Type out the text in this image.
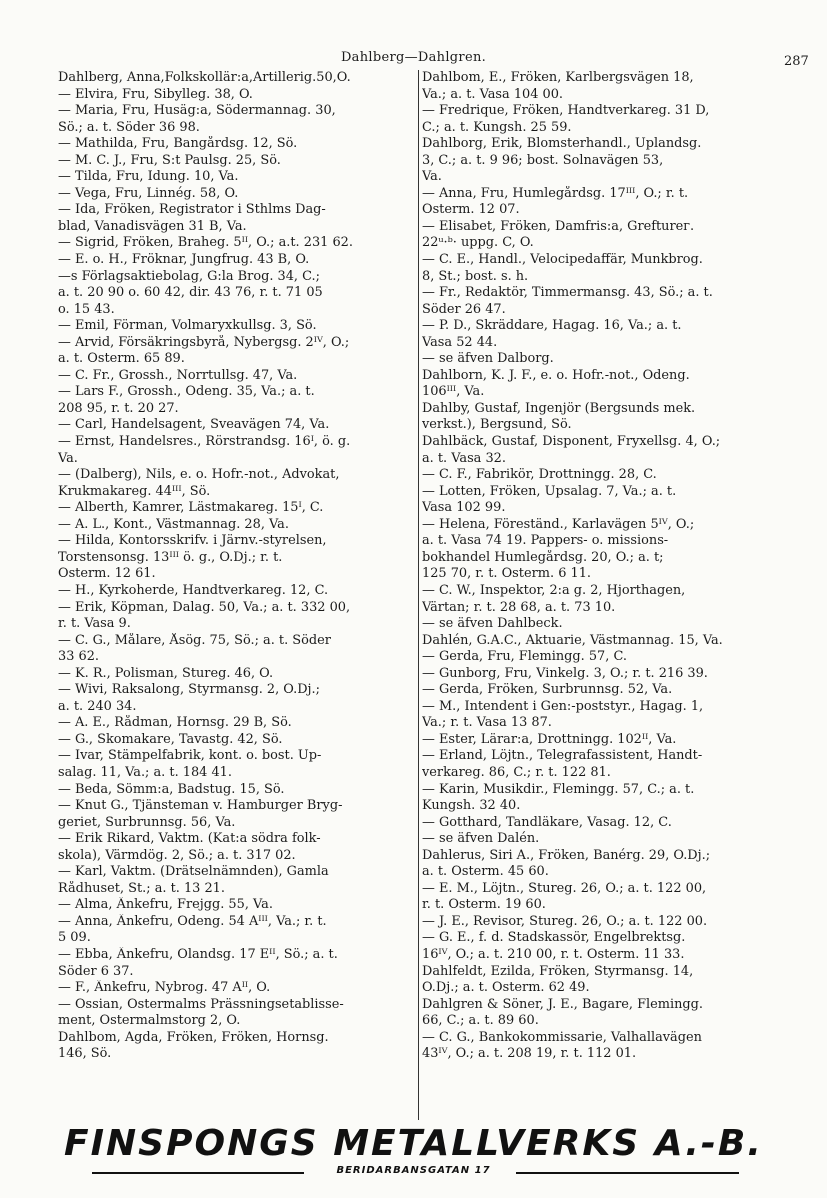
Dahlberg—Dahlgren.	287
Dahlberg, Anna,Folkskollär:a,Artillerig.50,Ö.
— Elvira, Fru, Sibylleg. 38, Ö.
— Maria, Fru, Husäg:a, Södermannag. 30,
Sö.; a. t. Söder 36 98.
— Mathilda, Fru, Bangårdsg. 12, Sö.
— M. C. J., Fru, S:t Paulsg. 25, Sö.
— Tilda, Fru, Idung. 10, Va.
— Vega, Fru, Linnég. 58, Ö.
— Ida, Fröken, Registrator i Sthlms Dag-
blad, Vanadisvägen 31 B, Va.
— Sigrid, Fröken, Braheg. 5ᴵᴵ, Ö.; a.t. 231 62.
— E. o. H., Fröknar, Jungfrug. 43 B, Ö.
—s Förlagsaktiebolag, G:la Brog. 34, C.;
a. t. 20 90 o. 60 42, dir. 43 76, r. t. 71 05
o. 15 43.
— Emil, Förman, Volmaryxkullsg. 3, Sö.
— Arvid, Försäkringsbyrå, Nybergsg. 2ᴵⱽ, Ö.;
a. t. Österm. 65 89.
— C. Fr., Grossh., Norrtullsg. 47, Va.
— Lars F., Grossh., Odeng. 35, Va.; a. t.
208 95, r. t. 20 27.
— Carl, Handelsagent, Sveavägen 74, Va.
— Ernst, Handelsres., Rörstrandsg. 16ᴵ, ö. g.
Va.
— (Dalberg), Nils, e. o. Hofr.-not., Advokat,
Krukmakareg. 44ᴵᴵᴵ, Sö.
— Alberth, Kamrer, Lästmakareg. 15ᴵ, C.
— A. L., Kont., Västmannag. 28, Va.
— Hilda, Kontorsskrifv. i Järnv.-styrelsen,
Torstensonsg. 13ᴵᴵᴵ ö. g., Ö.Dj.; r. t.
Österm. 12 61.
— H., Kyrkoherde, Handtverkareg. 12, C.
— Erik, Köpman, Dalag. 50, Va.; a. t. 332 00,
r. t. Vasa 9.
— C. G., Målare, Åsög. 75, Sö.; a. t. Söder
33 62.
— K. R., Polisman, Stureg. 46, Ö.
— Wivi, Raksalong, Styrmansg. 2, Ö.Dj.;
a. t. 240 34.
— A. E., Rådman, Hornsg. 29 B, Sö.
— G., Skomakare, Tavastg. 42, Sö.
— Ivar, Stämpelfabrik, kont. o. bost. Up-
salag. 11, Va.; a. t. 184 41.
— Beda, Sömm:a, Badstug. 15, Sö.
— Knut G., Tjänsteman v. Hamburger Bryg-
geriet, Surbrunnsg. 56, Va.
— Erik Rikard, Vaktm. (Kat:a södra folk-
skola), Värmdög. 2, Sö.; a. t. 317 02.
— Karl, Vaktm. (Drätselnämnden), Gamla
Rådhuset, St.; a. t. 13 21.
— Alma, Änkefru, Frejgg. 55, Va.
— Anna, Änkefru, Odeng. 54 Aᴵᴵᴵ, Va.; r. t.
5 09.
— Ebba, Änkefru, Ölandsg. 17 Eᴵᴵ, Sö.; a. t.
Söder 6 37.
— F., Änkefru, Nybrog. 47 Aᴵᴵ, Ö.
— Ossian, Östermalms Prässningsetablisse-
ment, Östermalmstorg 2, Ö.
Dahlbom, Agda, Fröken, Fröken, Hornsg.
146, Sö.
Dahlbom, E., Fröken, Karlbergsvägen 18,
Va.; a. t. Vasa 104 00.
— Fredrique, Fröken, Handtverkareg. 31 D,
C.; a. t. Kungsh. 25 59.
Dahlborg, Erik, Blomsterhandl., Uplandsg.
3, C.; a. t. 9 96; bost. Solnavägen 53,
Va.
— Anna, Fru, Humlegårdsg. 17ᴵᴵᴵ, Ö.; r. t.
Österm. 12 07.
— Elisabet, Fröken, Damfris:a, Grefturег.
22ᵘ·ᵇ· uppg. C, Ö.
— C. E., Handl., Velocipedaffär, Munkbrog.
8, St.; bost. s. h.
— Fr., Redaktör, Timmermansg. 43, Sö.; a. t.
Söder 26 47.
— P. D., Skräddare, Hagag. 16, Va.; a. t.
Vasa 52 44.
— se äfven Dalborg.
Dahlborn, K. J. F., e. o. Hofr.-not., Odeng.
106ᴵᴵᴵ, Va.
Dahlby, Gustaf, Ingenjör (Bergsunds mek.
verkst.), Bergsund, Sö.
Dahlbäck, Gustaf, Disponent, Fryxellsg. 4, Ö.;
a. t. Vasa 32.
— C. F., Fabrikör, Drottningg. 28, C.
— Lotten, Fröken, Upsalag. 7, Va.; a. t.
Vasa 102 99.
— Helena, Föreständ., Karlavägen 5ᴵⱽ, Ö.;
a. t. Vasa 74 19. Pappers- o. missions-
bokhandel Humlegårdsg. 20, Ö.; a. t;
125 70, r. t. Österm. 6 11.
— C. W., Inspektor, 2:a g. 2, Hjorthagen,
Värtan; r. t. 28 68, a. t. 73 10.
— se äfven Dahlbeck.
Dahlén, G.A.C., Aktuarie, Västmannag. 15, Va.
— Gerda, Fru, Flemingg. 57, C.
— Gunborg, Fru, Vinkelg. 3, Ö.; r. t. 216 39.
— Gerda, Fröken, Surbrunnsg. 52, Va.
— M., Intendent i Gen:-poststyr., Hagag. 1,
Va.; r. t. Vasa 13 87.
— Ester, Lärar:a, Drottningg. 102ᴵᴵ, Va.
— Erland, Löjtn., Telegrafassistent, Handt-
verkareg. 86, C.; r. t. 122 81.
— Karin, Musikdir., Flemingg. 57, C.; a. t.
Kungsh. 32 40.
— Gotthard, Tandläkare, Vasag. 12, C.
— se äfven Dalén.
Dahlerus, Siri A., Fröken, Banérg. 29, Ö.Dj.;
a. t. Österm. 45 60.
— E. M., Löjtn., Stureg. 26, Ö.; a. t. 122 00,
r. t. Österm. 19 60.
— J. E., Revisor, Stureg. 26, Ö.; a. t. 122 00.
— G. E., f. d. Stadskassör, Engelbrektsg.
16ᴵⱽ, Ö.; a. t. 210 00, r. t. Österm. 11 33.
Dahlfeldt, Ezilda, Fröken, Styrmansg. 14,
Ö.Dj.; a. t. Österm. 62 49.
Dahlgren & Söner, J. E., Bagare, Flemingg.
66, C.; a. t. 89 60.
— C. G., Bankokommissarie, Valhallavägen
43ᴵⱽ, Ö.; a. t. 208 19, r. t. 112 01.
FINSPONGS METALLVERKS A.-B.
BERIDARBANSGATAN 17
